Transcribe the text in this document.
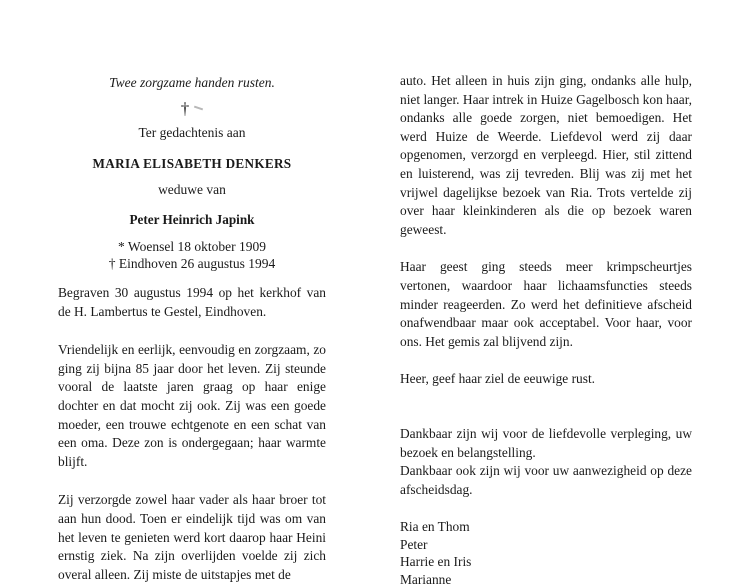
Twee zorgzame handen rusten.
†
Ter gedachtenis aan
MARIA ELISABETH DENKERS
weduwe van
Peter Heinrich Japink
* Woensel 18 oktober 1909
† Eindhoven 26 augustus 1994

Begraven 30 augustus 1994 op het kerkhof van de H. Lambertus te Gestel, Eindhoven.

Vriendelijk en eerlijk, eenvoudig en zorgzaam, zo ging zij bijna 85 jaar door het leven. Zij steunde vooral de laatste jaren graag op haar enige dochter en dat mocht zij ook. Zij was een goede moeder, een trouwe echtgenote en een schat van een oma. Deze zon is ondergegaan; haar warmte blijft.

Zij verzorgde zowel haar vader als haar broer tot aan hun dood. Toen er eindelijk tijd was om van het leven te genieten werd kort daarop haar Heini ernstig ziek. Na zijn overlijden voelde zij zich overal alleen. Zij miste de uitstapjes met de

auto. Het alleen in huis zijn ging, ondanks alle hulp, niet langer. Haar intrek in Huize Gagelbosch kon haar, ondanks alle goede zorgen, niet bemoedigen. Het werd Huize de Weerde. Liefdevol werd zij daar opgenomen, verzorgd en verpleegd. Hier, stil zittend en luisterend, was zij tevreden. Blij was zij met het vrijwel dagelijkse bezoek van Ria. Trots vertelde zij over haar kleinkinderen als die op bezoek waren geweest.

Haar geest ging steeds meer krimpscheurtjes vertonen, waardoor haar lichaamsfuncties steeds minder reageerden. Zo werd het definitieve afscheid onafwendbaar maar ook acceptabel. Voor haar, voor ons. Het gemis zal blijvend zijn.

Heer, geef haar ziel de eeuwige rust.

Dankbaar zijn wij voor de liefdevolle verpleging, uw bezoek en belangstelling.

Dankbaar ook zijn wij voor uw aanwezigheid op deze afscheidsdag.

Ria en Thom
Peter
Harrie en Iris
Marianne
